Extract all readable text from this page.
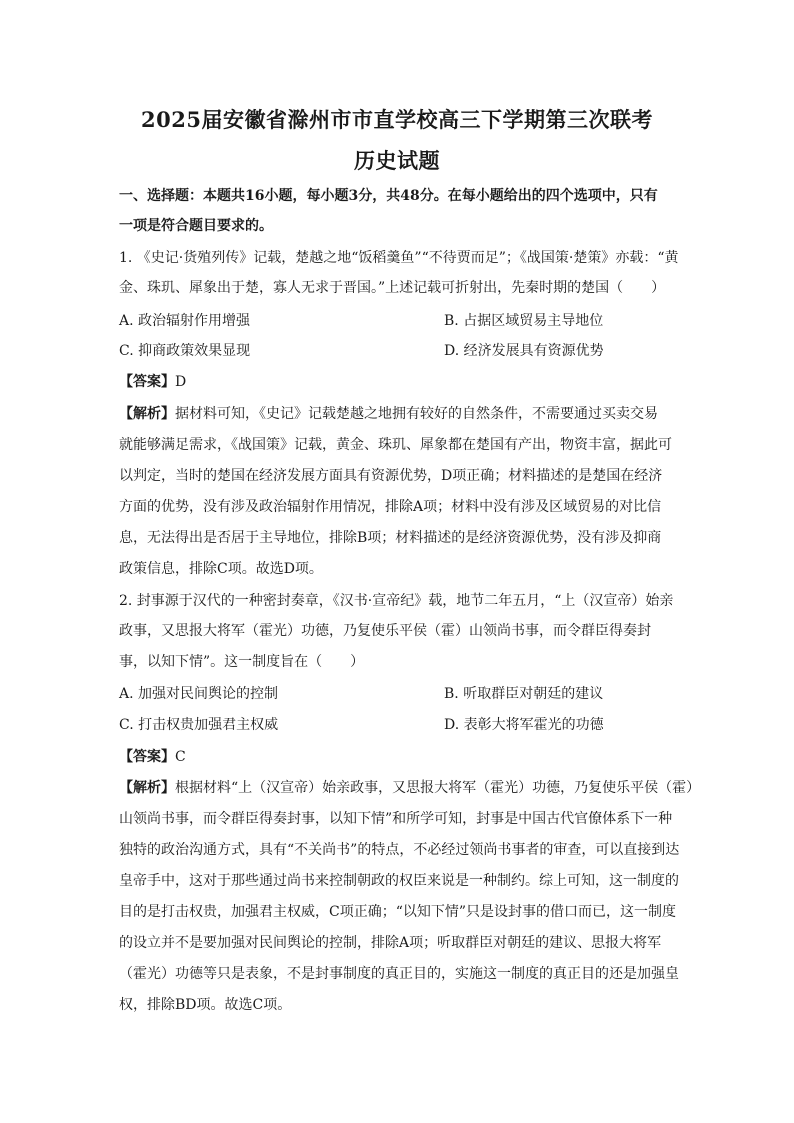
2025届安徽省滁州市市直学校高三下学期第三次联考
历史试题
一、选择题：本题共16小题，每小题3分，共48分。在每小题给出的四个选项中，只有
一项是符合题目要求的。
1. 《史记·货殖列传》记载，楚越之地“饭稻羹鱼”“不待贾而足”；《战国策·楚策》亦载：“黄
金、珠玑、犀象出于楚，寡人无求于晋国。”上述记载可折射出，先秦时期的楚国（　　）
A. 政治辐射作用增强	B. 占据区域贸易主导地位
C. 抑商政策效果显现	D. 经济发展具有资源优势
【答案】D
【解析】据材料可知，《史记》记载楚越之地拥有较好的自然条件，不需要通过买卖交易
就能够满足需求，《战国策》记载，黄金、珠玑、犀象都在楚国有产出，物资丰富，据此可
以判定，当时的楚国在经济发展方面具有资源优势，D项正确；材料描述的是楚国在经济
方面的优势，没有涉及政治辐射作用情况，排除A项；材料中没有涉及区域贸易的对比信
息，无法得出是否居于主导地位，排除B项；材料描述的是经济资源优势，没有涉及抑商
政策信息，排除C项。故选D项。
2. 封事源于汉代的一种密封奏章，《汉书·宣帝纪》载，地节二年五月，“上（汉宣帝）始亲
政事，又思报大将军（霍光）功德，乃复使乐平侯（霍）山领尚书事，而令群臣得奏封
事，以知下情”。这一制度旨在（　　）
A. 加强对民间舆论的控制	B. 听取群臣对朝廷的建议
C. 打击权贵加强君主权威	D. 表彰大将军霍光的功德
【答案】C
【解析】根据材料“上（汉宣帝）始亲政事，又思报大将军（霍光）功德，乃复使乐平侯（霍）
山领尚书事，而令群臣得奏封事，以知下情”和所学可知，封事是中国古代官僚体系下一种
独特的政治沟通方式，具有“不关尚书”的特点，不必经过领尚书事者的审查，可以直接到达
皇帝手中，这对于那些通过尚书来控制朝政的权臣来说是一种制约。综上可知，这一制度的
目的是打击权贵，加强君主权威，C项正确；“以知下情”只是设封事的借口而已，这一制度
的设立并不是要加强对民间舆论的控制，排除A项；听取群臣对朝廷的建议、思报大将军
（霍光）功德等只是表象，不是封事制度的真正目的，实施这一制度的真正目的还是加强皇
权，排除BD项。故选C项。
